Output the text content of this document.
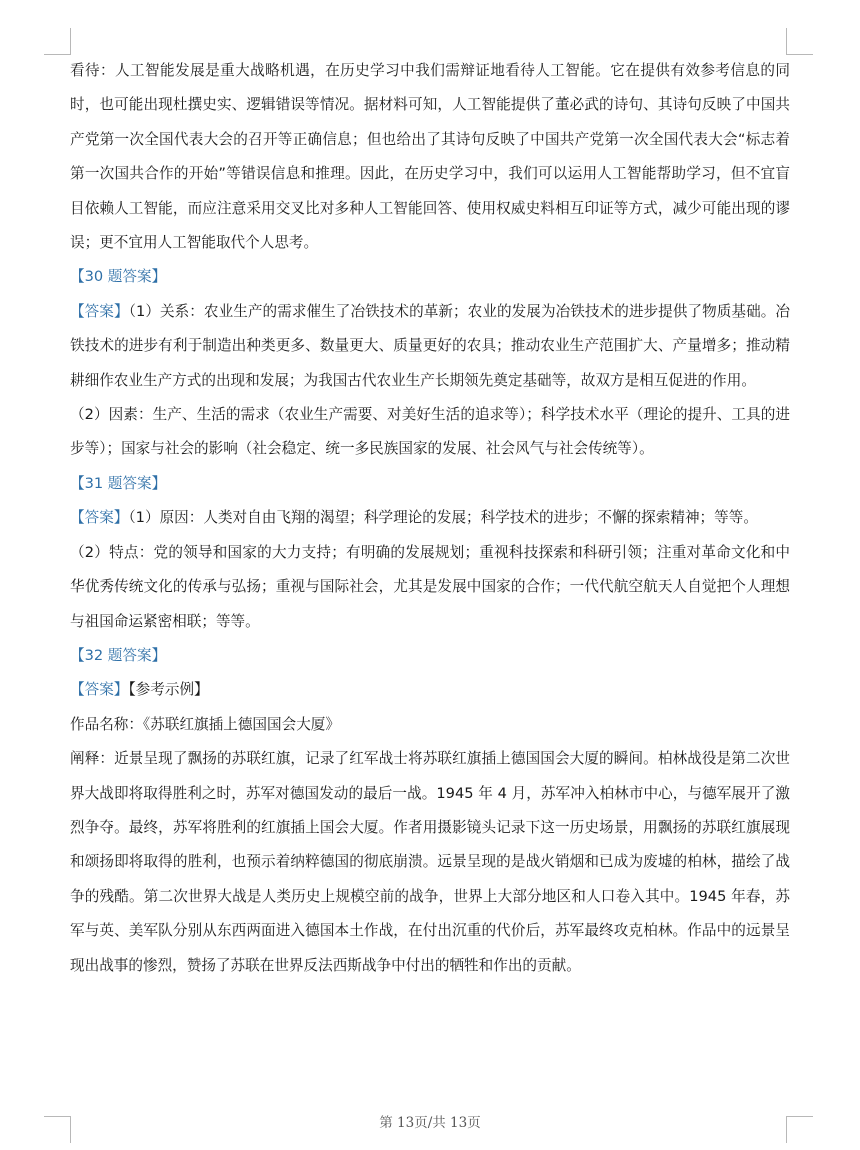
看待：人工智能发展是重大战略机遇，在历史学习中我们需辩证地看待人工智能。它在提供有效参考信息的同时，也可能出现杜撰史实、逻辑错误等情况。据材料可知，人工智能提供了董必武的诗句、其诗句反映了中国共产党第一次全国代表大会的召开等正确信息；但也给出了其诗句反映了中国共产党第一次全国代表大会“标志着第一次国共合作的开始”等错误信息和推理。因此，在历史学习中，我们可以运用人工智能帮助学习，但不宜盲目依赖人工智能，而应注意采用交叉比对多种人工智能回答、使用权威史料相互印证等方式，减少可能出现的谬误；更不宜用人工智能取代个人思考。

【30 题答案】

【答案】（1）关系：农业生产的需求催生了冶铁技术的革新；农业的发展为冶铁技术的进步提供了物质基础。冶铁技术的进步有利于制造出种类更多、数量更大、质量更好的农具；推动农业生产范围扩大、产量增多；推动精耕细作农业生产方式的出现和发展；为我国古代农业生产长期领先奠定基础等，故双方是相互促进的作用。

（2）因素：生产、生活的需求（农业生产需要、对美好生活的追求等）；科学技术水平（理论的提升、工具的进步等）；国家与社会的影响（社会稳定、统一多民族国家的发展、社会风气与社会传统等）。

【31 题答案】

【答案】（1）原因：人类对自由飞翔的渴望；科学理论的发展；科学技术的进步；不懈的探索精神；等等。

（2）特点：党的领导和国家的大力支持；有明确的发展规划；重视科技探索和科研引领；注重对革命文化和中华优秀传统文化的传承与弘扬；重视与国际社会，尤其是发展中国家的合作；一代代航空航天人自觉把个人理想与祖国命运紧密相联；等等。

【32 题答案】

【答案】【参考示例】

作品名称：《苏联红旗插上德国国会大厦》

阐释：近景呈现了飘扬的苏联红旗，记录了红军战士将苏联红旗插上德国国会大厦的瞬间。柏林战役是第二次世界大战即将取得胜利之时，苏军对德国发动的最后一战。1945 年 4 月，苏军冲入柏林市中心，与德军展开了激烈争夺。最终，苏军将胜利的红旗插上国会大厦。作者用摄影镜头记录下这一历史场景，用飘扬的苏联红旗展现和颂扬即将取得的胜利，也预示着纳粹德国的彻底崩溃。远景呈现的是战火销烟和已成为废墟的柏林，描绘了战争的残酷。第二次世界大战是人类历史上规模空前的战争，世界上大部分地区和人口卷入其中。1945 年春，苏军与英、美军队分别从东西两面进入德国本土作战，在付出沉重的代价后，苏军最终攻克柏林。作品中的远景呈现出战事的惨烈，赞扬了苏联在世界反法西斯战争中付出的牺牲和作出的贡献。

第 13页/共 13页
